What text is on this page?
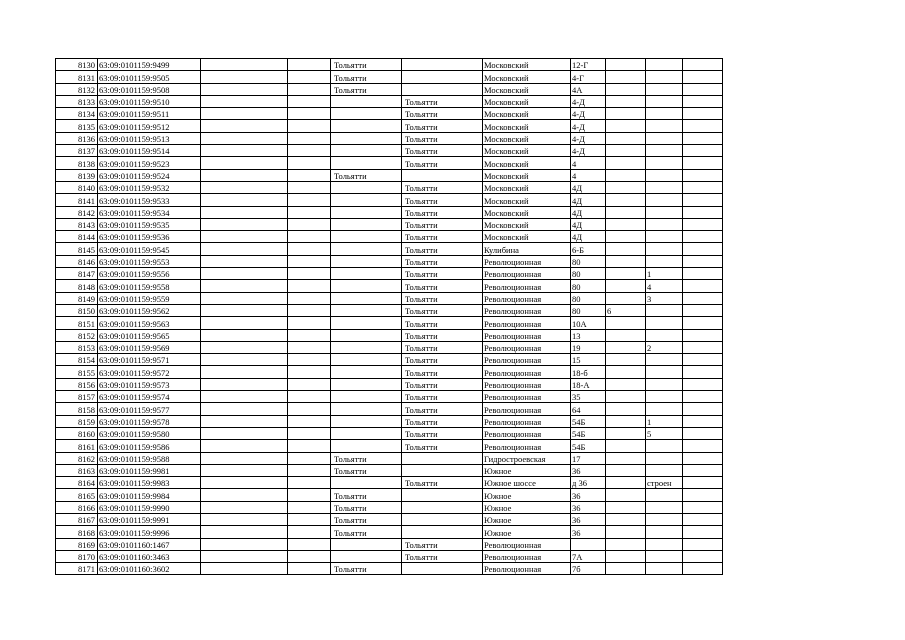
8130	63:09:0101159:9499			Тольятти		Московский	12-Г			
8131	63:09:0101159:9505			Тольятти		Московский	4-Г			
8132	63:09:0101159:9508			Тольятти		Московский	4А			
8133	63:09:0101159:9510				Тольятти	Московский	4-Д			
8134	63:09:0101159:9511				Тольятти	Московский	4-Д			
8135	63:09:0101159:9512				Тольятти	Московский	4-Д			
8136	63:09:0101159:9513				Тольятти	Московский	4-Д			
8137	63:09:0101159:9514				Тольятти	Московский	4-Д			
8138	63:09:0101159:9523				Тольятти	Московский	4			
8139	63:09:0101159:9524			Тольятти		Московский	4			
8140	63:09:0101159:9532				Тольятти	Московский	4Д			
8141	63:09:0101159:9533				Тольятти	Московский	4Д			
8142	63:09:0101159:9534				Тольятти	Московский	4Д			
8143	63:09:0101159:9535				Тольятти	Московский	4Д			
8144	63:09:0101159:9536				Тольятти	Московский	4Д			
8145	63:09:0101159:9545				Тольятти	Кулибина	6-Б			
8146	63:09:0101159:9553				Тольятти	Революционная	80			
8147	63:09:0101159:9556				Тольятти	Революционная	80		1	
8148	63:09:0101159:9558				Тольятти	Революционная	80		4	
8149	63:09:0101159:9559				Тольятти	Революционная	80		3	
8150	63:09:0101159:9562				Тольятти	Революционная	80	6		
8151	63:09:0101159:9563				Тольятти	Революционная	10А			
8152	63:09:0101159:9565				Тольятти	Революционная	13			
8153	63:09:0101159:9569				Тольятти	Революционная	19		2	
8154	63:09:0101159:9571				Тольятти	Революционная	15			
8155	63:09:0101159:9572				Тольятти	Революционная	18-б			
8156	63:09:0101159:9573				Тольятти	Революционная	18-А			
8157	63:09:0101159:9574				Тольятти	Революционная	35			
8158	63:09:0101159:9577				Тольятти	Революционная	64			
8159	63:09:0101159:9578				Тольятти	Революционная	54Б		1	
8160	63:09:0101159:9580				Тольятти	Революционная	54Б		5	
8161	63:09:0101159:9586				Тольятти	Революционная	54Б			
8162	63:09:0101159:9588			Тольятти		Гидростроевская	17			
8163	63:09:0101159:9981			Тольятти		Южное	36			
8164	63:09:0101159:9983				Тольятти	Южное шоссе	д 36		строен	
8165	63:09:0101159:9984			Тольятти		Южное	36			
8166	63:09:0101159:9990			Тольятти		Южное	36			
8167	63:09:0101159:9991			Тольятти		Южное	36			
8168	63:09:0101159:9996			Тольятти		Южное	36			
8169	63:09:0101160:1467				Тольятти	Революционная				
8170	63:09:0101160:3463				Тольятти	Революционная	7А			
8171	63:09:0101160:3602			Тольятти		Революционная	7б			
